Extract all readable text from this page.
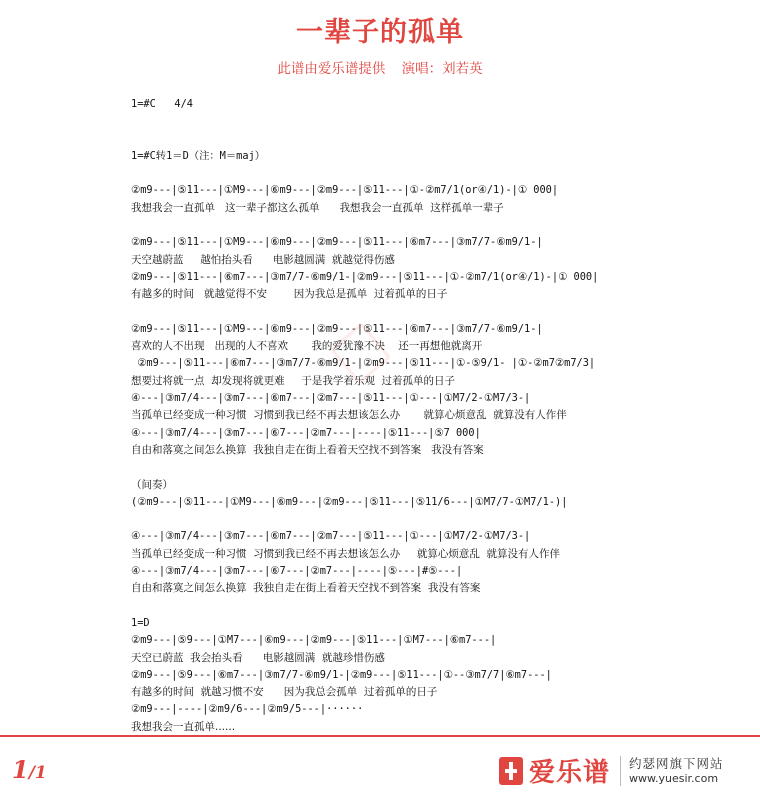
一辈子的孤单
此谱由爱乐谱提供 演唱：刘若英
1=#C   4/4
1=#C转1＝D（注：M＝maj）
②m9---|⑤11---|①M9---|⑥m9---|②m9---|⑤11---|①-②m7/1(or④/1)-|① 000|
我想我会一直孤单   这一辈子都这么孤单      我想我会一直孤单  这样孤单一辈子
②m9---|⑤11---|①M9---|⑥m9---|②m9---|⑤11---|⑥m7---|③m7/7-⑥m9/1-|
天空越蔚蓝     越怕抬头看      电影越圆满  就越觉得伤感
②m9---|⑤11---|⑥m7---|③m7/7-⑥m9/1-|②m9---|⑤11---|①-②m7/1(or④/1)-|① 000|
有越多的时间   就越觉得不安        因为我总是孤单  过着孤单的日子
②m9---|⑤11---|①M9---|⑥m9---|②m9---|⑤11---|⑥m7---|③m7/7-⑥m9/1-|
喜欢的人不出现   出现的人不喜欢       我的爱犹豫不决    还一再想他就离开
②m9---|⑤11---|⑥m7---|③m7/7-⑥m9/1-|②m9---|⑤11---|①-⑤9/1- |①-②m7②m7/3|
想要过将就一点  却发现将就更难     于是我学着乐观  过着孤单的日子
④---|③m7/4---|③m7---|⑥m7---|②m7---|⑤11---|①---|①M7/2-①M7/3-|
当孤单已经变成一种习惯  习惯到我已经不再去想该怎么办       就算心烦意乱  就算没有人作伴
④---|③m7/4---|③m7---|⑥7---|②m7---|----|⑤11---|⑤7 000|
自由和落寞之间怎么换算  我独自走在街上看着天空找不到答案   我没有答案
（间奏）
(②m9---|⑤11---|①M9---|⑥m9---|②m9---|⑤11---|⑤11/6---|①M7/7-①M7/1-)|
④---|③m7/4---|③m7---|⑥m7---|②m7---|⑤11---|①---|①M7/2-①M7/3-|
当孤单已经变成一种习惯  习惯到我已经不再去想该怎么办     就算心烦意乱  就算没有人作伴
④---|③m7/4---|③m7---|⑥7---|②m7---|----|⑤---|#⑤---|
自由和落寞之间怎么换算  我独自走在街上看着天空找不到答案  我没有答案
1=D
②m9---|⑤9---|①M7---|⑥m9---|②m9---|⑤11---|①M7---|⑥m7---|
天空已蔚蓝  我会抬头看      电影越圆满  就越珍惜伤感
②m9---|⑤9---|⑥m7---|③m7/7-⑥m9/1-|②m9---|⑤11---|①--③m7/7|⑥m7---|
有越多的时间  就越习惯不安      因为我总会孤单  过着孤单的日子
②m9---|----|②m9/6---|②m9/5---|······
我想我会一直孤单......
1/1	爱乐谱 约瑟网旗下网站
www.yuesir.com
